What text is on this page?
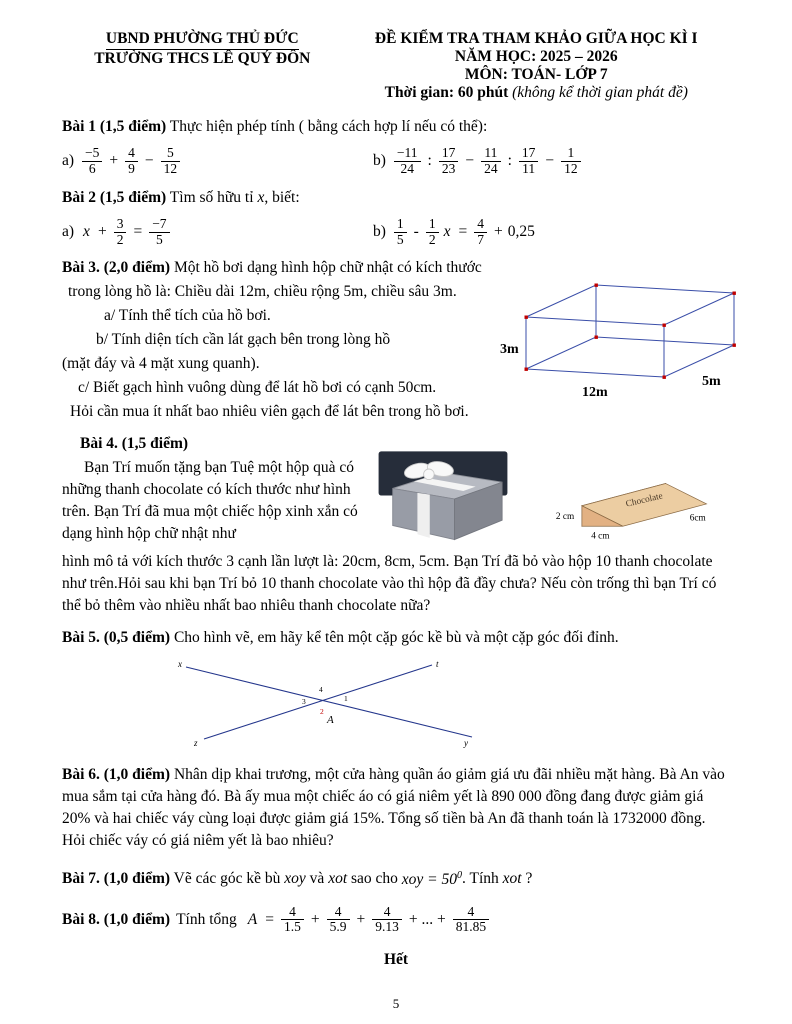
UBND PHƯỜNG THỦ ĐỨC
TRƯỜNG THCS LÊ QUÝ ĐÔN
ĐỀ KIỂM TRA THAM KHẢO GIỮA HỌC KÌ I
NĂM HỌC: 2025 – 2026
MÔN: TOÁN- LỚP 7
Thời gian: 60 phút (không kể thời gian phát đề)

Bài 1 (1,5 điểm) Thực hiện phép tính ( bằng cách hợp lí nếu có thể):

$a) \frac{-5}{6} + \frac{4}{9} - \frac{5}{12}$	$b) \frac{-11}{24}$ : $\frac{17}{23} - \frac{11}{24}$ : $\frac{17}{11} - \frac{1}{12}$

Bài 2 (1,5 điểm) Tìm số hữu tỉ x, biết:

a) $x + \frac{3}{2} = \frac{-7}{5}$	$b) \frac{1}{5} - \frac{1}{2}$ $x = \frac{4}{7} + 0,25$

Bài 3. (2,0 điểm) Một hồ bơi dạng hình hộp chữ nhật có kích thước

trong lòng hồ là: Chiều dài 12m, chiều rộng 5m, chiều sâu 3m.

a/ Tính thể tích của hồ bơi.

b/ Tính diện tích cần lát gạch bên trong lòng hồ

(mặt đáy và 4 mặt xung quanh).

c/ Biết gạch hình vuông dùng để lát hồ bơi có cạnh 50cm.

Hỏi cần mua ít nhất bao nhiêu viên gạch để lát bên trong hồ bơi.

3m
5m
12m

Bài 4. (1,5 điểm)

Bạn Trí muốn tặng bạn Tuệ một hộp quà có những thanh chocolate có kích thước như hình trên. Bạn Trí đã mua một chiếc hộp xinh xắn có dạng hình hộp chữ nhật như

Chocolate
2 cm
4 cm
6cm

hình mô tả với kích thước 3 cạnh lần lượt là: 20cm, 8cm, 5cm. Bạn Trí đã bỏ vào hộp 10 thanh chocolate như trên.Hỏi sau khi bạn Trí bỏ 10 thanh chocolate vào thì hộp đã đầy chưa? Nếu còn trống thì bạn Trí có thể bỏ thêm vào nhiều nhất bao nhiêu thanh chocolate nữa?

Bài 5. (0,5 điểm) Cho hình vẽ, em hãy kể tên một cặp góc kề bù và một cặp góc đối đỉnh.

x	t
z	y
4
3	1
2
A

Bài 6. (1,0 điểm) Nhân dịp khai trương, một cửa hàng quần áo giảm giá ưu đãi nhiều mặt hàng. Bà An vào mua sắm tại cửa hàng đó. Bà ấy mua một chiếc áo có giá niêm yết là 890 000 đồng đang được giảm giá 20% và hai chiếc váy cùng loại được giảm giá 15%. Tổng số tiền bà An đã thanh toán là 1732000 đồng. Hỏi chiếc váy có giá niêm yết là bao nhiêu?

Bài 7. (1,0 điểm) Vẽ các góc kề bù xoy và xot sao cho xoy = $50^0$. Tính xot ?

Bài 8. (1,0 điểm) Tính tổng $A = \frac{4}{1.5} + \frac{4}{5.9} + \frac{4}{9.13}$ + ... + $\frac{4}{81.85}$
Hết
5
